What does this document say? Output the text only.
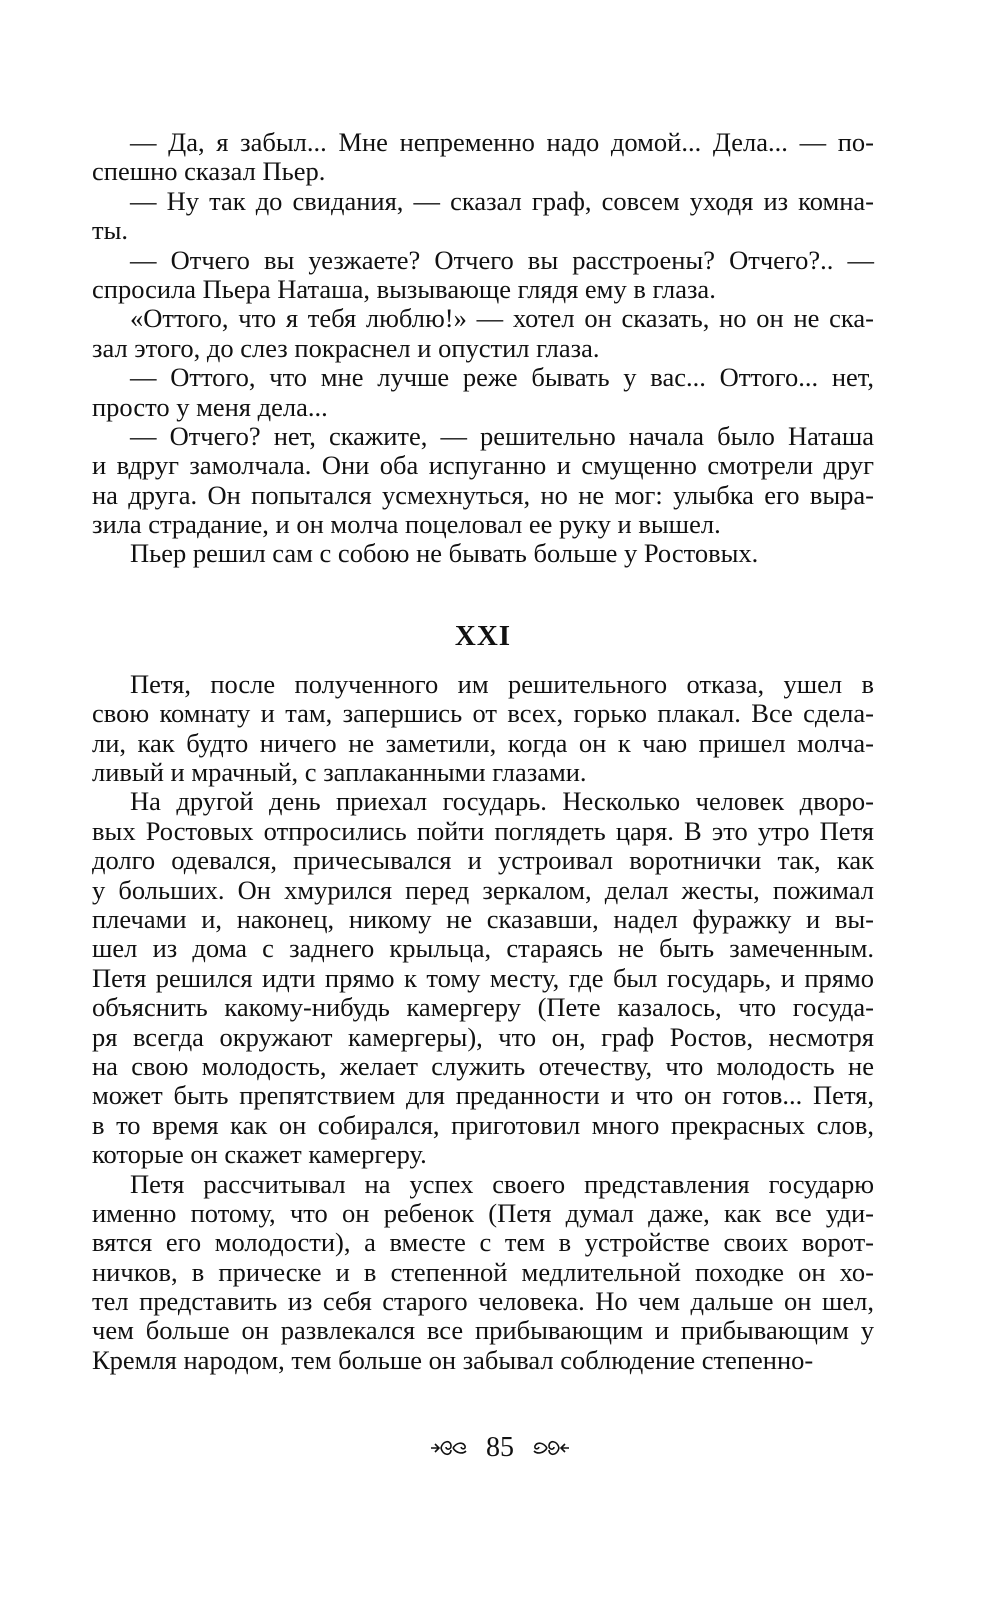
— Да, я забыл... Мне непременно надо домой... Дела... — по-
спешно сказал Пьер.
— Ну так до свидания, — сказал граф, совсем уходя из комна-
ты.
— Отчего вы уезжаете? Отчего вы расстроены? Отчего?.. —
спросила Пьера Наташа, вызывающе глядя ему в глаза.
«Оттого, что я тебя люблю!» — хотел он сказать, но он не ска-
зал этого, до слез покраснел и опустил глаза.
— Оттого, что мне лучше реже бывать у вас... Оттого... нет,
просто у меня дела...
— Отчего? нет, скажите, — решительно начала было Наташа
и вдруг замолчала. Они оба испуганно и смущенно смотрели друг
на друга. Он попытался усмехнуться, но не мог: улыбка его выра-
зила страдание, и он молча поцеловал ее руку и вышел.
Пьер решил сам с собою не бывать больше у Ростовых.
XXI
Петя, после полученного им решительного отказа, ушел в
свою комнату и там, запершись от всех, горько плакал. Все сдела-
ли, как будто ничего не заметили, когда он к чаю пришел молча-
ливый и мрачный, с заплаканными глазами.
На другой день приехал государь. Несколько человек дворо-
вых Ростовых отпросились пойти поглядеть царя. В это утро Петя
долго одевался, причесывался и устроивал воротнички так, как
у больших. Он хмурился перед зеркалом, делал жесты, пожимал
плечами и, наконец, никому не сказавши, надел фуражку и вы-
шел из дома с заднего крыльца, стараясь не быть замеченным.
Петя решился идти прямо к тому месту, где был государь, и прямо
объяснить какому-нибудь камергеру (Пете казалось, что госуда-
ря всегда окружают камергеры), что он, граф Ростов, несмотря
на свою молодость, желает служить отечеству, что молодость не
может быть препятствием для преданности и что он готов... Петя,
в то время как он собирался, приготовил много прекрасных слов,
которые он скажет камергеру.
Петя рассчитывал на успех своего представления государю
именно потому, что он ребенок (Петя думал даже, как все уди-
вятся его молодости), а вместе с тем в устройстве своих ворот-
ничков, в прическе и в степенной медлительной походке он хо-
тел представить из себя старого человека. Но чем дальше он шел,
чем больше он развлекался все прибывающим и прибывающим у
Кремля народом, тем больше он забывал соблюдение степенно-
85
